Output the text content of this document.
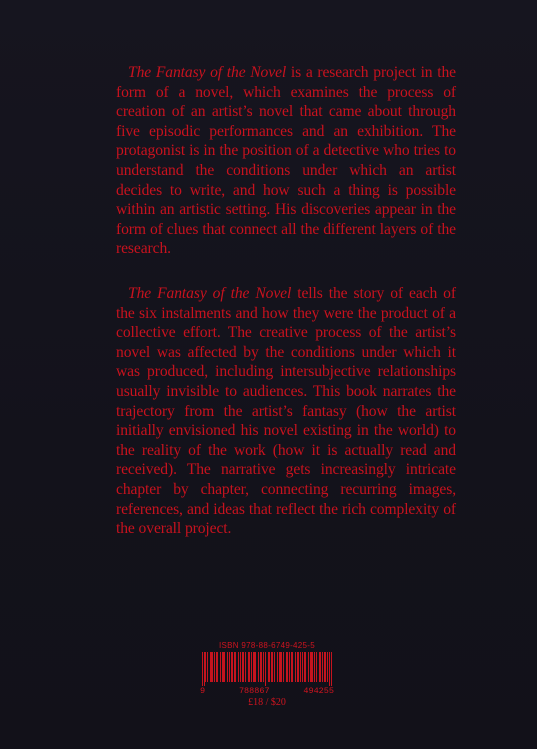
The Fantasy of the Novel is a research project in the form of a novel, which examines the process of creation of an artist’s novel that came about through five episodic performances and an exhibition. The protagonist is in the position of a detective who tries to understand the conditions under which an artist decides to write, and how such a thing is possible within an artistic setting. His discoveries appear in the form of clues that connect all the different layers of the research.
The Fantasy of the Novel tells the story of each of the six instalments and how they were the product of a collective effort. The creative process of the artist’s novel was affected by the conditions under which it was produced, including intersubjective relationships usually invisible to audiences. This book narrates the trajectory from the artist’s fantasy (how the artist initially envisioned his novel existing in the world) to the reality of the work (how it is actually read and received). The narrative gets increasingly intricate chapter by chapter, connecting recurring images, references, and ideas that reflect the rich complexity of the overall project.
ISBN 978-88-6749-425-5
9	788867	494255
£18 / $20
